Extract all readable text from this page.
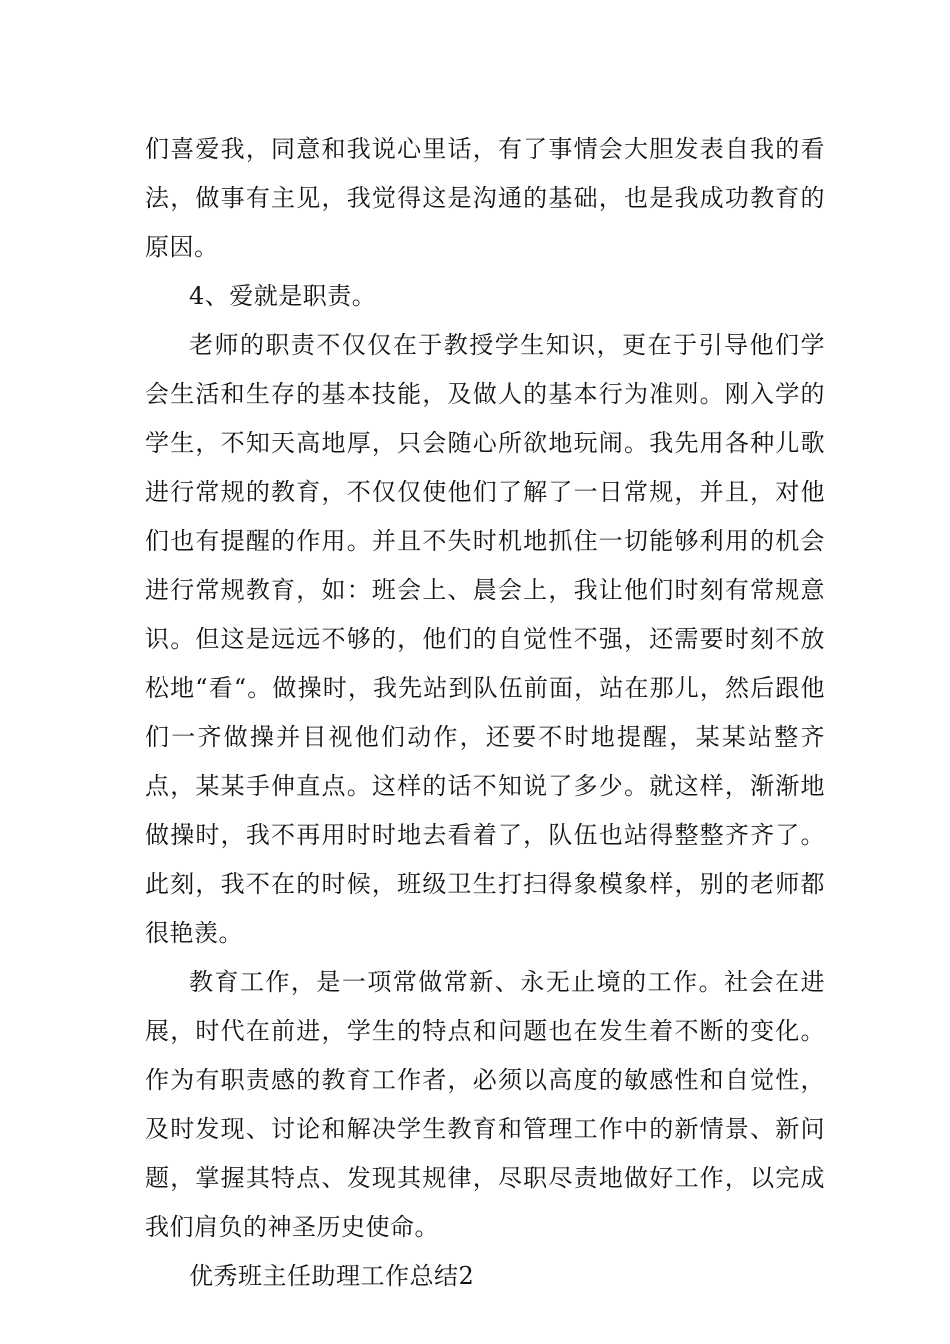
们喜爱我，同意和我说心里话，有了事情会大胆发表自我的看法，做事有主见，我觉得这是沟通的基础，也是我成功教育的原因。

4、爱就是职责。

老师的职责不仅仅在于教授学生知识，更在于引导他们学会生活和生存的基本技能，及做人的基本行为准则。刚入学的学生，不知天高地厚，只会随心所欲地玩闹。我先用各种儿歌进行常规的教育，不仅仅使他们了解了一日常规，并且，对他们也有提醒的作用。并且不失时机地抓住一切能够利用的机会进行常规教育，如：班会上、晨会上，我让他们时刻有常规意识。但这是远远不够的，他们的自觉性不强，还需要时刻不放松地“看“。做操时，我先站到队伍前面，站在那儿，然后跟他们一齐做操并目视他们动作，还要不时地提醒，某某站整齐点，某某手伸直点。这样的话不知说了多少。就这样，渐渐地做操时，我不再用时时地去看着了，队伍也站得整整齐齐了。此刻，我不在的时候，班级卫生打扫得象模象样，别的老师都很艳羡。

教育工作，是一项常做常新、永无止境的工作。社会在进展，时代在前进，学生的特点和问题也在发生着不断的变化。作为有职责感的教育工作者，必须以高度的敏感性和自觉性，及时发现、讨论和解决学生教育和管理工作中的新情景、新问题，掌握其特点、发现其规律，尽职尽责地做好工作，以完成我们肩负的神圣历史使命。

优秀班主任助理工作总结2
